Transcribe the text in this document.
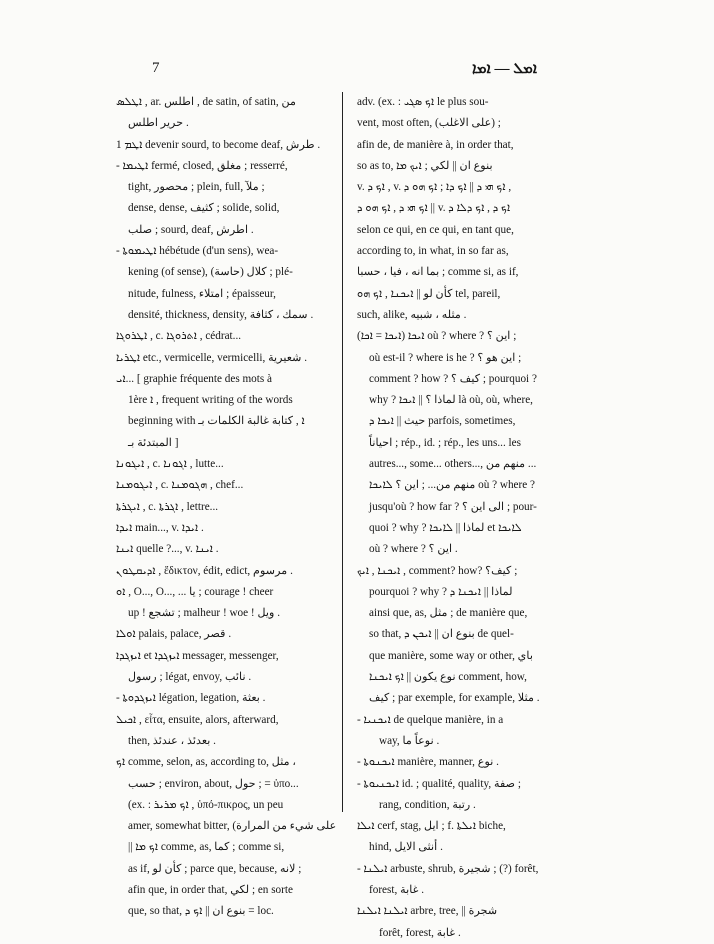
7	ܐܡܠ — ܐܡܐ
ܐܛܠܣ , ar. اطلس , de satin, of satin, من
حرير اطلس .
1 ܐܛܡ devenir sourd, to become deaf, طرش .
- ܐܛܝܡܐ fermé, closed, مغلق ; resserré,
tight, محصور ; plein, full, ملآ ;
dense, dense, كثيف ; solide, solid,
صلب ; sourd, deaf, اطرش .
- ܐܛܝܡܘܬܐ hébétude (d'un sens), wea-
kening (of sense), (كلال (حاسة ; plé-
nitude, fulness, امتلاء ; épaisseur,
densité, thickness, density, سمك ، كثافة .
ܐܛܪܘܓܐ , c. ܐܬܪܘܓܐ , cédrat...
ܐܛܪܝܐ etc., vermicelle, vermicelli, شعيرية .
ܐܝ... [ graphie fréquente des mots à
1ère ܐ , frequent writing of the words
beginning with ܐ , كتابة غالبة الكلمات بـ
المبتدئة بـ ]
ܐܝܓܘܢܐ , c. ܐܓܘܢܐ , lutte...
ܐܝܓܘܡܢܐ , c. ܗܓܘܡܢܐ , chef...
ܐܝܓܪܬܐ , c. ܐܓܪܬܐ , lettre...
ܐܝܕܐ main..., v. ܐܝܕܐ .
ܐܝܢܐ quelle ?..., v. ܐܝܢܐ .
ܐܕܝܩܛܘܢ , ἔδικτον, édit, edict, مرسوم .
ܐܘ , O..., O..., ... يا ; courage ! cheer
up ! تشجع ; malheur ! woe ! ويل .
ܐܘܠܐ palais, palace, قصر .
ܐܝܙܓܕܐ et ܐܝܙܓܕܐ messager, messenger,
رسول ; légat, envoy, نائب .
- ܐܝܙܓܕܘܬܐ légation, legation, بعثة .
ܐܟܝܠ , εἶτα, ensuite, alors, afterward,
then, بعدئذ ، عندئذ .
ܐܟ comme, selon, as, according to, مثل ،
حسب ; environ, about, حول ; = ὑπο...
(ex. : ܐܟ ܡܪܝܪ , ὑπό-πικρος, un peu
amer, somewhat bitter, (على شيء من المرارة
|| ܐܟ ܡܐ comme, as, كما ; comme si,
as if, كأن لو ; parce que, because, لانه ;
afin que, in order that, لكي ; en sorte
que, so that, بنوع ان || ܐܟ ܕ = loc.
adv. (ex. : ܐܟ ܣܓܝ le plus sou-
vent, most often, (على الاغلب) ;
afin de, de manière à, in order that,
so as to, بنوع ان || لكي ; ܐܝܟ ܡܐ
v. ܐܟ ܕ , v. ܐܟ ܗܝ ܕ || ܐܟ ܕܐ ; ܐܟ ܗܘ ܕ ,
ܐܟ ܗܝ ܕ , ܐܟ ܗܘ ܕ || v. ܐܟ ܕ , ܐܟ ܕܠܐ ܕ
selon ce qui, en ce qui, en tant que,
according to, in what, in so far as,
بما انه ، فيا ، حسبا ; comme si, as if,
كأن لو || ܐܝܟܢܐ , ܐܟ ܗܘ tel, pareil,
such, alike, مثله ، شبيه .
(ܐܝܟܐ = ܐܟܐ) ܐܝܟܐ où ? where ? اين ؟ ;
où est-il ? where is he ? اين هو ؟ ;
comment ? how ? كيف ؟ ; pourquoi ?
why ? لماذا ؟ || ܐܝܟܐ là où, où, where,
حيث || ܐܝܟܐ ܕ parfois, sometimes,
احياناً ; rép., id. ; rép., les uns... les
autres..., some... others..., منهم من ...
منهم من... ; اين ؟ ܠܐܝܟܐ où ? where ?
jusqu'où ? how far ? الى اين ؟ ; pour-
quoi ? why ? لماذا || ܠܐܝܟܐ et ܠܐܝܟܐ
où ? where ? اين ؟ .
ܐܝܟܢܐ , ܐܝܟ , comment? how? كيف؟ ;
pourquoi ? why ? لماذا || ܐܝܟܢܐ ܕ
ainsi que, as, مثل ; de manière que,
so that, بنوع ان || ܐܝܟܢ ܕ de quel-
que manière, some way or other, باي
نوع يكون || ܐܟ ܐܝܟܢܐ comment, how,
كيف ; par exemple, for example, مثلا .
- ܐܝܟܢܝܐ de quelque manière, in a
way, نوعاً ما .
- ܐܝܟܢܘܬܐ manière, manner, نوع .
- ܐܝܟܢܝܘܬܐ id. ; qualité, quality, صفة ;
rang, condition, رتبة .
ܐܝܠܐ cerf, stag, ايل ; f. ܐܝܠܬܐ biche,
hind, أنثى الايل .
- ܐܝܠܢܐ arbuste, shrub, شجيرة ; (?) forêt,
forest, غابة .
ܐܝܠܢܐ ܐܝܠܢܐ arbre, tree, || شجرة
forêt, forest, غابة .
